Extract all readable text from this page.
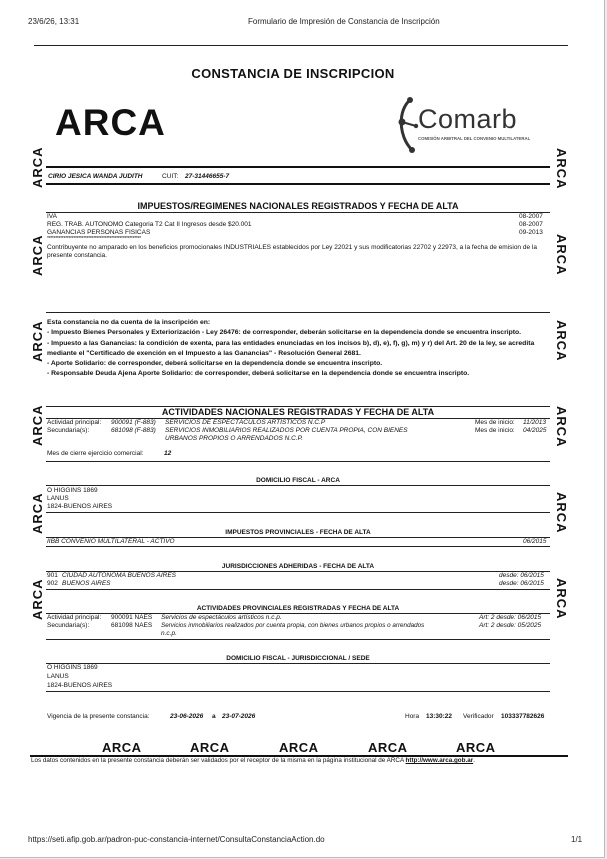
23/6/26, 13:31	Formulario de Impresión de Constancia de Inscripción
CONSTANCIA DE INSCRIPCION
ARCA	Comarb
COMISIÓN ARBITRAL DEL CONVENIO MULTILATERAL
ARCA
ARCA
ARCA
ARCA
ARCA
ARCA
ARCA
ARCA
ARCA
ARCA
ARCA
ARCA
CIRIO JESICA WANDA JUDITH	CUIT: 27-31446655-7
IMPUESTOS/REGIMENES NACIONALES REGISTRADOS Y FECHA DE ALTA
IVA	08-2007
REG. TRAB. AUTONOMO Categoria T2 Cat II Ingresos desde $20.001	08-2007
GANANCIAS PERSONAS FISICAS	09-2013
*********************************************************
Contribuyente no amparado en los beneficios promocionales INDUSTRIALES establecidos por Ley 22021 y sus modificatorias 22702 y 22973, a la fecha de emision de la presente constancia.
Esta constancia no da cuenta de la inscripción en:
- Impuesto Bienes Personales y Exteriorización - Ley 26476: de corresponder, deberán solicitarse en la dependencia donde se encuentra inscripto.
- Impuesto a las Ganancias: la condición de exenta, para las entidades enunciadas en los incisos b), d), e), f), g), m) y r) del Art. 20 de la ley, se acredita mediante el "Certificado de exención en el Impuesto a las Ganancias" - Resolución General 2681.
- Aporte Solidario: de corresponder, deberá solicitarse en la dependencia donde se encuentra inscripto.
- Responsable Deuda Ajena Aporte Solidario: de corresponder, deberá solicitarse en la dependencia donde se encuentra inscripto.
ACTIVIDADES NACIONALES REGISTRADAS Y FECHA DE ALTA
Actividad principal: 900091 (F-883) SERVICIOS DE ESPECTÁCULOS ARTÍSTICOS N.C.P	Mes de inicio: 11/2013
Secundaria(s):	681098 (F-883) SERVICIOS INMOBILIARIOS REALIZADOS POR CUENTA PROPIA, CON BIENES
URBANOS PROPIOS O ARRENDADOS N.C.P.
Mes de inicio: 04/2025
Mes de cierre ejercicio comercial:	12
DOMICILIO FISCAL - ARCA
O HIGGINS 1869
LANUS
1824-BUENOS AIRES
IMPUESTOS PROVINCIALES - FECHA DE ALTA
IIBB CONVENIO MULTILATERAL - ACTIVO	06/2015
JURISDICCIONES ADHERIDAS - FECHA DE ALTA
901 CIUDAD AUTONOMA BUENOS AIRES	desde: 06/2015
902 BUENOS AIRES	desde: 06/2015
ACTIVIDADES PROVINCIALES REGISTRADAS Y FECHA DE ALTA
Actividad principal: 900091 NAES Servicios de espectáculos artísticos n.c.p.	Art: 2 desde: 06/2015
Secundaria(s):	681098 NAES Servicios inmobiliarios realizados por cuenta propia, con bienes urbanos propios o arrendados
n.c.p.
Art: 2 desde: 05/2025
DOMICILIO FISCAL - JURISDICCIONAL / SEDE
O HIGGINS 1869
LANUS
1824-BUENOS AIRES
Vigencia de la presente constancia:	23-06-2026 a 23-07-2026	Hora 13:30:22 Verificador 103337782626
ARCA	ARCA	ARCA	ARCA	ARCA
Los datos contenidos en la presente constancia deberán ser validados por el receptor de la misma en la página institucional de ARCA http://www.arca.gob.ar.
https://seti.afip.gob.ar/padron-puc-constancia-internet/ConsultaConstanciaAction.do	1/1
